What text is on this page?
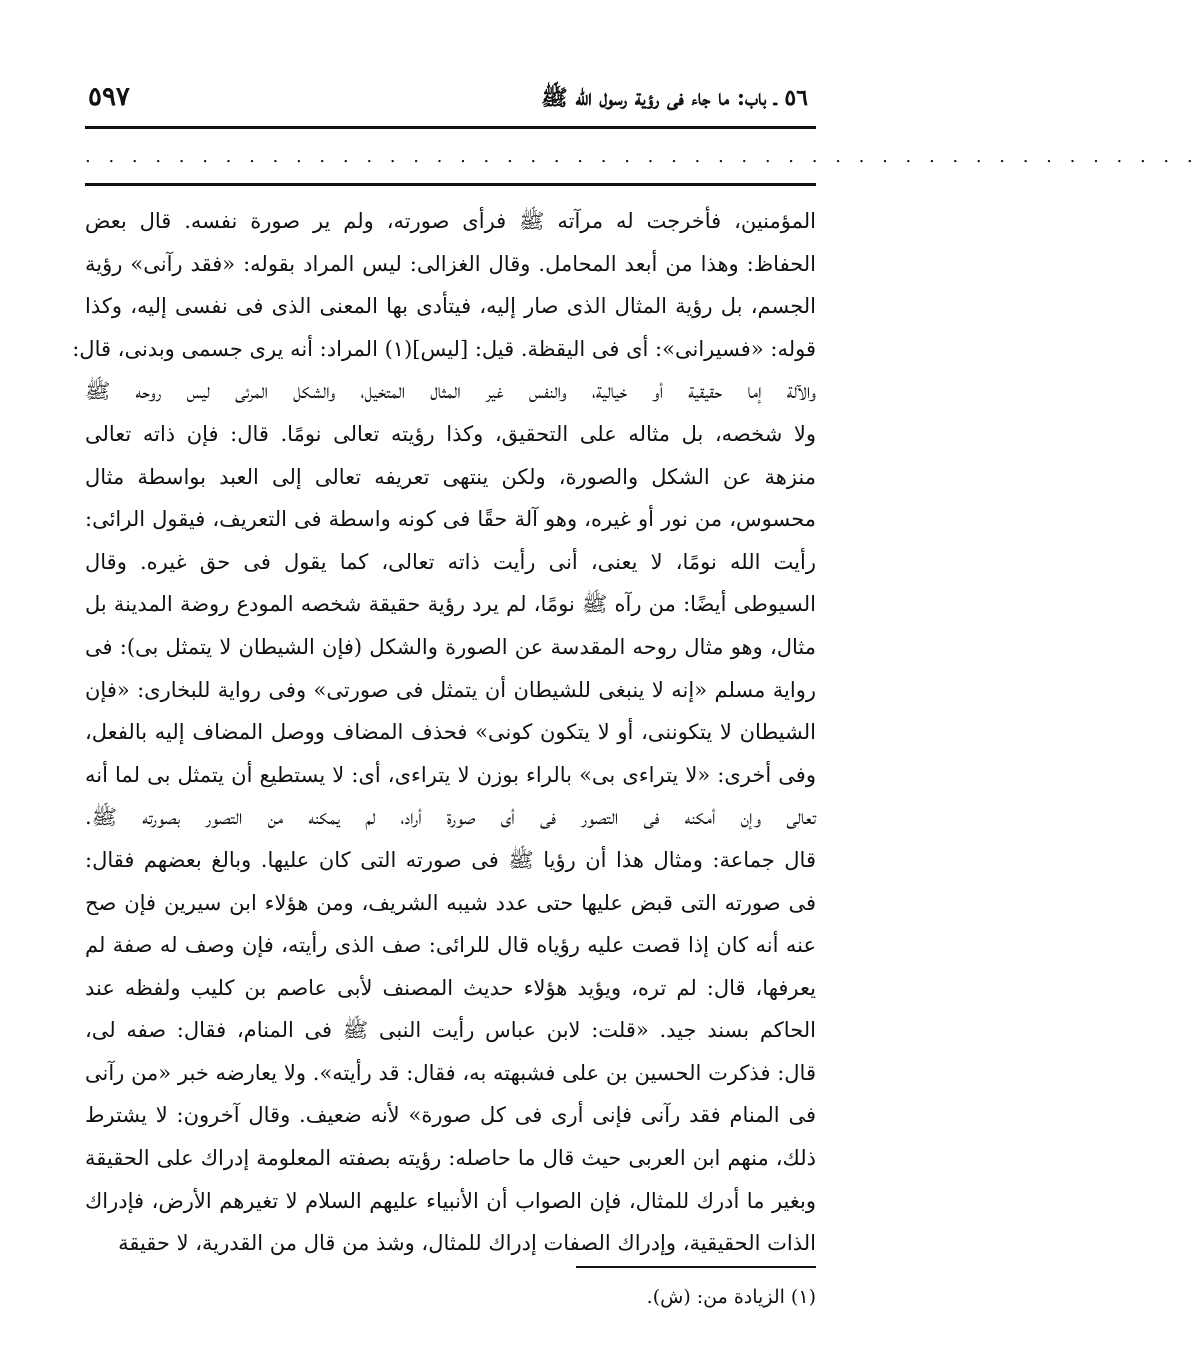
٥٦ ـ باب: ما جاء فى رؤية رسول الله ﷺ
٥٩٧
. . . . . . . . . . . . . . . . . . . . . . . . . . . . . . . . . . . . . . . . . . . . . . . .
المؤمنين، فأخرجت له مرآته ﷺ فرأى صورته، ولم ير صورة نفسه. قال بعض
الحفاظ: وهذا من أبعد المحامل. وقال الغزالى: ليس المراد بقوله: «فقد رآنى» رؤية
الجسم، بل رؤية المثال الذى صار إليه، فيتأدى بها المعنى الذى فى نفسى إليه، وكذا
قوله: «فسيرانى»: أى فى اليقظة. قيل: [ليس](١) المراد: أنه يرى جسمى وبدنى، قال:
والآلة إما حقيقية أو خيالية، والنفس غير المثال المتخيل، والشكل المرئى ليس روحه ﷺ
ولا شخصه، بل مثاله على التحقيق، وكذا رؤيته تعالى نومًا. قال: فإن ذاته تعالى
منزهة عن الشكل والصورة، ولكن ينتهى تعريفه تعالى إلى العبد بواسطة مثال
محسوس، من نور أو غيره، وهو آلة حقًا فى كونه واسطة فى التعريف، فيقول الرائى:
رأيت الله نومًا، لا يعنى، أنى رأيت ذاته تعالى، كما يقول فى حق غيره. وقال
السيوطى أيضًا: من رآه ﷺ نومًا، لم يرد رؤية حقيقة شخصه المودع روضة المدينة بل
مثال، وهو مثال روحه المقدسة عن الصورة والشكل (فإن الشيطان لا يتمثل بى): فى
رواية مسلم «إنه لا ينبغى للشيطان أن يتمثل فى صورتى» وفى رواية للبخارى: «فإن
الشيطان لا يتكوننى، أو لا يتكون كونى» فحذف المضاف ووصل المضاف إليه بالفعل،
وفى أخرى: «لا يتراءى بى» بالراء بوزن لا يتراءى، أى: لا يستطيع أن يتمثل بى لما أنه
تعالى وإن أمكنه فى التصور فى أى صورة أراد، لم يمكنه من التصور بصورته ﷺ.
قال جماعة: ومثال هذا أن رؤيا ﷺ فى صورته التى كان عليها. وبالغ بعضهم فقال:
فى صورته التى قبض عليها حتى عدد شيبه الشريف، ومن هؤلاء ابن سيرين فإن صح
عنه أنه كان إذا قصت عليه رؤياه قال للرائى: صف الذى رأيته، فإن وصف له صفة لم
يعرفها، قال: لم تره، ويؤيد هؤلاء حديث المصنف لأبى عاصم بن كليب ولفظه عند
الحاكم بسند جيد. «قلت: لابن عباس رأيت النبى ﷺ فى المنام، فقال: صفه لى،
قال: فذكرت الحسين بن على فشبهته به، فقال: قد رأيته». ولا يعارضه خبر «من رآنى
فى المنام فقد رآنى فإنى أرى فى كل صورة» لأنه ضعيف. وقال آخرون: لا يشترط
ذلك، منهم ابن العربى حيث قال ما حاصله: رؤيته بصفته المعلومة إدراك على الحقيقة
وبغير ما أدرك للمثال، فإن الصواب أن الأنبياء عليهم السلام لا تغيرهم الأرض، فإدراك
الذات الحقيقية، وإدراك الصفات إدراك للمثال، وشذ من قال من القدرية، لا حقيقة
(١) الزيادة من: (ش).
